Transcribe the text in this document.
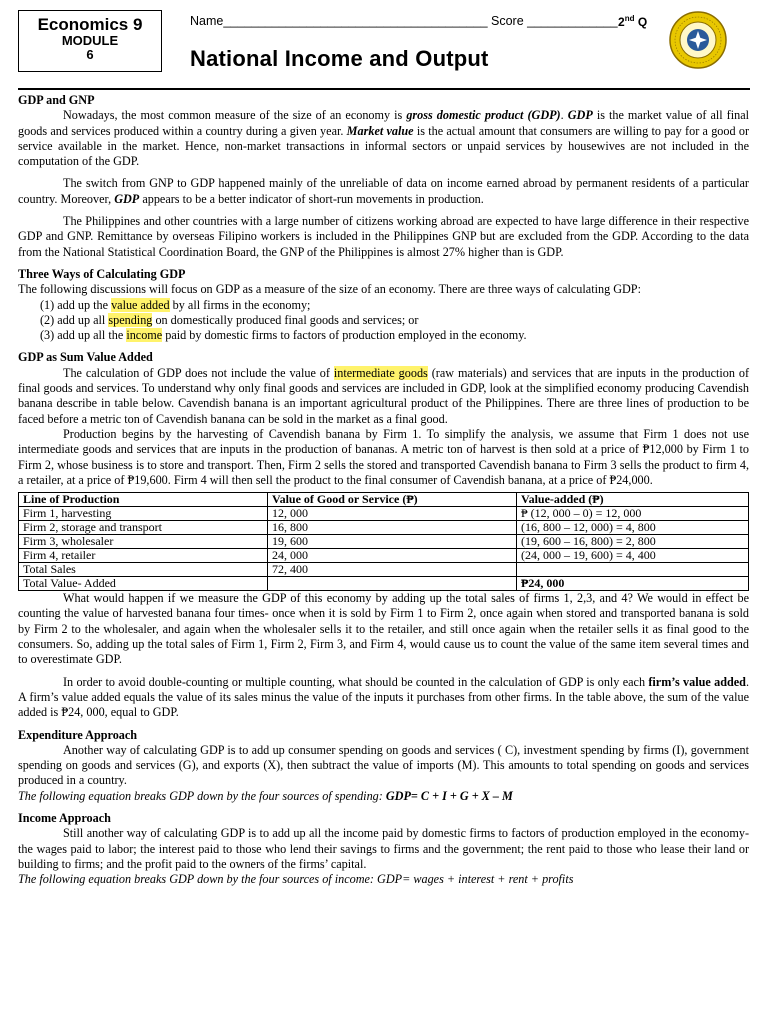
Economics 9
MODULE
6
Name______________________________________ Score _____________ 2nd Q
National Income and Output

GDP and GNP

Nowadays, the most common measure of the size of an economy is gross domestic product (GDP). GDP is the market value of all final goods and services produced within a country during a given year. Market value is the actual amount that consumers are willing to pay for a good or service available in the market. Hence, non-market transactions in informal sectors or unpaid services by housewives are not included in the computation of the GDP.

The switch from GNP to GDP happened mainly of the unreliable of data on income earned abroad by permanent residents of a particular country. Moreover, GDP appears to be a better indicator of short-run movements in production.

The Philippines and other countries with a large number of citizens working abroad are expected to have large difference in their respective GDP and GNP. Remittance by overseas Filipino workers is included in the Philippines GNP but are excluded from the GDP. According to the data from the National Statistical Coordination Board, the GNP of the Philippines is almost 27% higher than is GDP.

Three Ways of Calculating GDP

The following discussions will focus on GDP as a measure of the size of an economy. There are three ways of calculating GDP:

(1) add up the value added by all firms in the economy;
(2) add up all spending on domestically produced final goods and services; or
(3) add up all the income paid by domestic firms to factors of production employed in the economy.

GDP as Sum Value Added

The calculation of GDP does not include the value of intermediate goods (raw materials) and services that are inputs in the production of final goods and services. To understand why only final goods and services are included in GDP, look at the simplified economy producing Cavendish banana describe in table below. Cavendish banana is an important agricultural product of the Philippines. There are three lines of production to be faced before a metric ton of Cavendish banana can be sold in the market as a final good.

Production begins by the harvesting of Cavendish banana by Firm 1. To simplify the analysis, we assume that Firm 1 does not use intermediate goods and services that are inputs in the production of bananas. A metric ton of harvest is then sold at a price of ₱12,000 by Firm 1 to Firm 2, whose business is to store and transport. Then, Firm 2 sells the stored and transported Cavendish banana to Firm 3 sells the product to firm 4, a retailer, at a price of ₱19,600. Firm 4 will then sell the product to the final consumer of Cavendish banana, at a price of ₱24,000.

Line of Production	Value of Good or Service (₱)	Value-added (₱)
Firm 1, harvesting	12, 000	₱ (12, 000 – 0) = 12, 000
Firm 2, storage and transport	16, 800	(16, 800 – 12, 000) = 4, 800
Firm 3, wholesaler	19, 600	(19, 600 – 16, 800) = 2, 800
Firm 4, retailer	24, 000	(24, 000 – 19, 600) = 4, 400
Total Sales	72, 400	
Total Value- Added		₱24, 000

What would happen if we measure the GDP of this economy by adding up the total sales of firms 1, 2,3, and 4? We would in effect be counting the value of harvested banana four times- once when it is sold by Firm 1 to Firm 2, once again when stored and transported banana is sold by Firm 2 to the wholesaler, and again when the wholesaler sells it to the retailer, and still once again when the retailer sells it as final good to the consumers. So, adding up the total sales of Firm 1, Firm 2, Firm 3, and Firm 4, would cause us to count the value of the same item several times and to overestimate GDP.

In order to avoid double-counting or multiple counting, what should be counted in the calculation of GDP is only each firm’s value added. A firm’s value added equals the value of its sales minus the value of the inputs it purchases from other firms. In the table above, the sum of the value added is ₱24, 000, equal to GDP.

Expenditure Approach

Another way of calculating GDP is to add up consumer spending on goods and services ( C), investment spending by firms (I), government spending on goods and services (G), and exports (X), then subtract the value of imports (M). This amounts to total spending on goods and services produced in a country.

The following equation breaks GDP down by the four sources of spending: GDP= C + I + G + X – M

Income Approach

Still another way of calculating GDP is to add up all the income paid by domestic firms to factors of production employed in the economy- the wages paid to labor; the interest paid to those who lend their savings to firms and the government; the rent paid to those who lease their land or building to firms; and the profit paid to the owners of the firms’ capital.

The following equation breaks GDP down by the four sources of income: GDP= wages + interest + rent + profits
